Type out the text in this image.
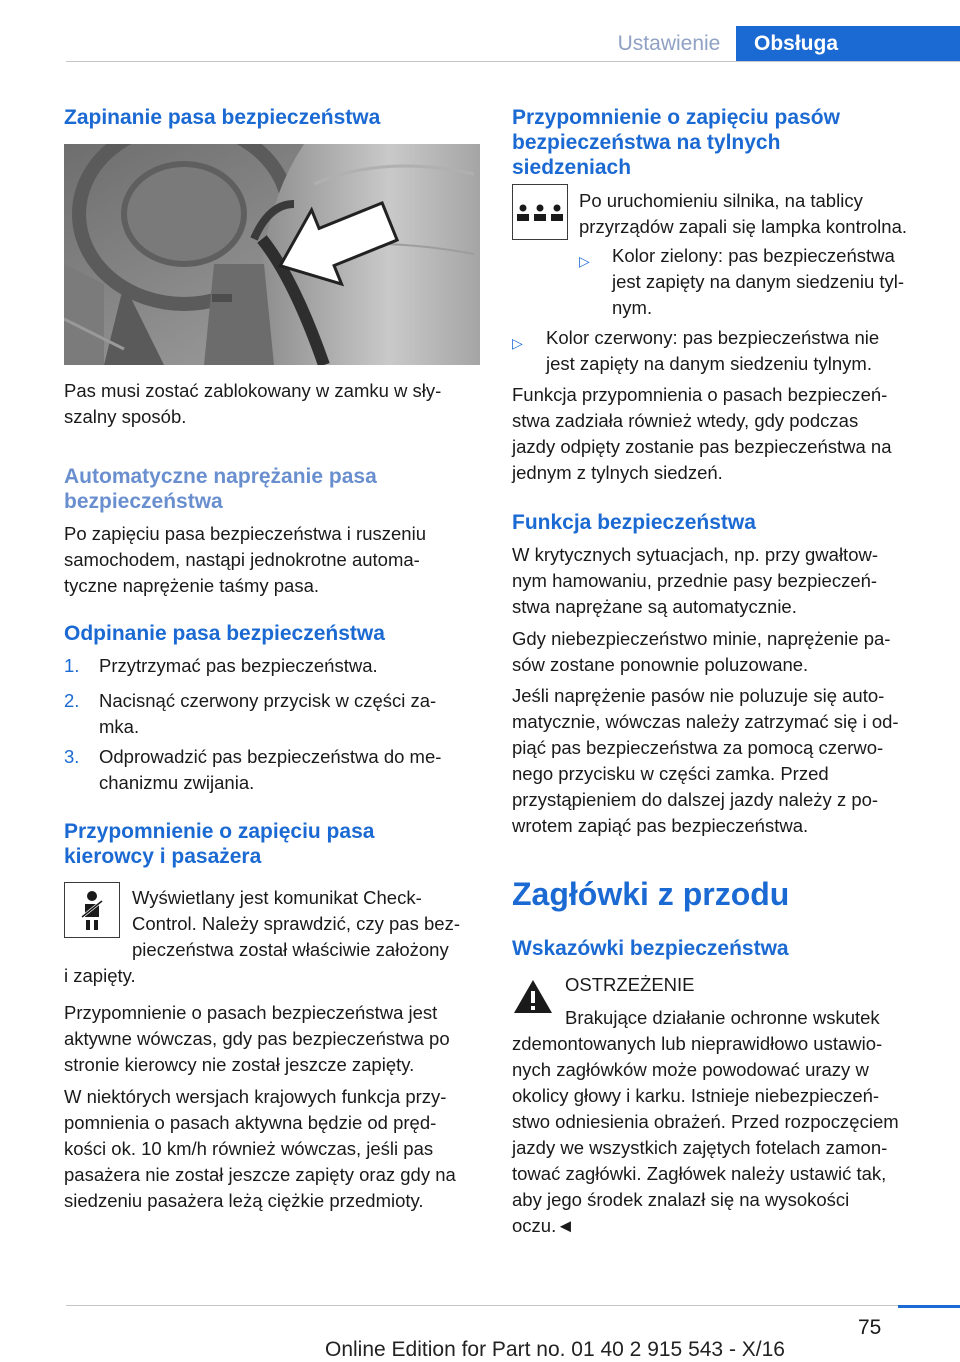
Ustawienie	Obsługa
Zapinanie pasa bezpieczeństwa
Pas musi zostać zablokowany w zamku w sły‐
szalny sposób.
Automatyczne naprężanie pasa
bezpieczeństwa
Po zapięciu pasa bezpieczeństwa i ruszeniu
samochodem, nastąpi jednokrotne automa‐
tyczne naprężenie taśmy pasa.
Odpinanie pasa bezpieczeństwa
1. Przytrzymać pas bezpieczeństwa.
2. Nacisnąć czerwony przycisk w części za‐
mka.
3. Odprowadzić pas bezpieczeństwa do me‐
chanizmu zwijania.
Przypomnienie o zapięciu pasa
kierowcy i pasażera
Wyświetlany jest komunikat Check-
Control. Należy sprawdzić, czy pas bez‐
pieczeństwa został właściwie założony
i zapięty.
Przypomnienie o pasach bezpieczeństwa jest
aktywne wówczas, gdy pas bezpieczeństwa po
stronie kierowcy nie został jeszcze zapięty.
W niektórych wersjach krajowych funkcja przy‐
pomnienia o pasach aktywna będzie od pręd‐
kości ok. 10 km/h również wówczas, jeśli pas
pasażera nie został jeszcze zapięty oraz gdy na
siedzeniu pasażera leżą ciężkie przedmioty.
Przypomnienie o zapięciu pasów
bezpieczeństwa na tylnych
siedzeniach
Po uruchomieniu silnika, na tablicy
przyrządów zapali się lampka kontrolna.
▷ Kolor zielony: pas bezpieczeństwa
jest zapięty na danym siedzeniu tyl‐
nym.
▷ Kolor czerwony: pas bezpieczeństwa nie
jest zapięty na danym siedzeniu tylnym.
Funkcja przypomnienia o pasach bezpieczeń‐
stwa zadziała również wtedy, gdy podczas
jazdy odpięty zostanie pas bezpieczeństwa na
jednym z tylnych siedzeń.
Funkcja bezpieczeństwa
W krytycznych sytuacjach, np. przy gwałtow‐
nym hamowaniu, przednie pasy bezpieczeń‐
stwa naprężane są automatycznie.
Gdy niebezpieczeństwo minie, naprężenie pa‐
sów zostane ponownie poluzowane.
Jeśli naprężenie pasów nie poluzuje się auto‐
matycznie, wówczas należy zatrzymać się i od‐
piąć pas bezpieczeństwa za pomocą czerwo‐
nego przycisku w części zamka. Przed
przystąpieniem do dalszej jazdy należy z po‐
wrotem zapiąć pas bezpieczeństwa.
Zagłówki z przodu
Wskazówki bezpieczeństwa
OSTRZEŻENIE
Brakujące działanie ochronne wskutek
zdemontowanych lub nieprawidłowo ustawio‐
nych zagłówków może powodować urazy w
okolicy głowy i karku. Istnieje niebezpieczeń‐
stwo odniesienia obrażeń. Przed rozpoczęciem
jazdy we wszystkich zajętych fotelach zamon‐
tować zagłówki. Zagłówek należy ustawić tak,
aby jego środek znalazł się na wysokości
oczu.◄
75
Online Edition for Part no. 01 40 2 915 543 - X/16
